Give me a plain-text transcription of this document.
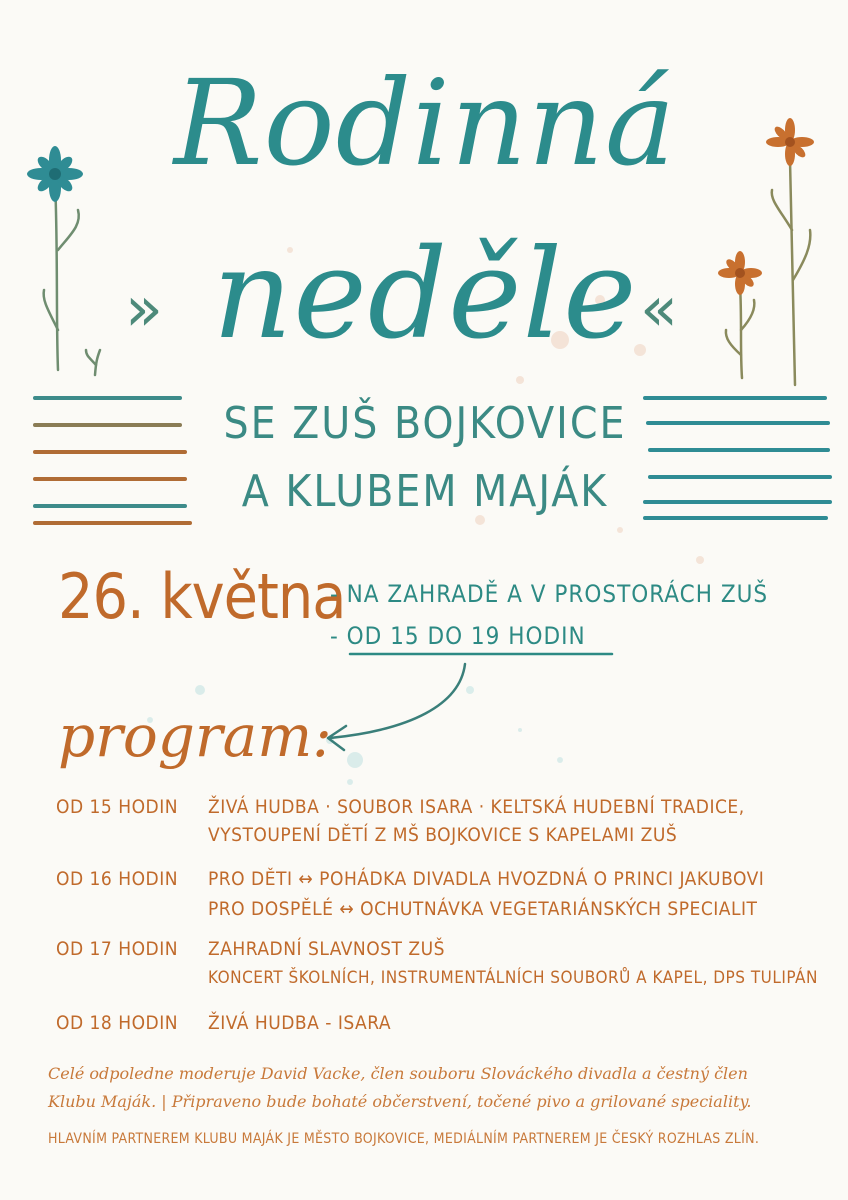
Rodinná
» neděle «
SE ZUŠ BOJKOVICE
A KLUBEM MAJÁK
26. května
- NA ZAHRADĚ A V PROSTORÁCH ZUŠ
- OD 15 DO 19 HODIN
program:
OD 15 HODIN ŽIVÁ HUDBA · SOUBOR ISARA · KELTSKÁ HUDEBNÍ TRADICE,
VYSTOUPENÍ DĚTÍ Z MŠ BOJKOVICE S KAPELAMI ZUŠ
OD 16 HODIN PRO DĚTI ↔ POHÁDKA DIVADLA HVOZDNÁ O PRINCI JAKUBOVI
PRO DOSPĚLÉ ↔ OCHUTNÁVKA VEGETARIÁNSKÝCH SPECIALIT
OD 17 HODIN ZAHRADNÍ SLAVNOST ZUŠ
KONCERT ŠKOLNÍCH, INSTRUMENTÁLNÍCH SOUBORŮ A KAPEL, DPS TULIPÁN
OD 18 HODIN ŽIVÁ HUDBA - ISARA
Celé odpoledne moderuje David Vacke, člen souboru Slováckého divadla a čestný člen
Klubu Maják. | Připraveno bude bohaté občerstvení, točené pivo a grilované speciality.
HLAVNÍM PARTNEREM KLUBU MAJÁK JE MĚSTO BOJKOVICE, MEDIÁLNÍM PARTNEREM JE ČESKÝ ROZHLAS ZLÍN.
